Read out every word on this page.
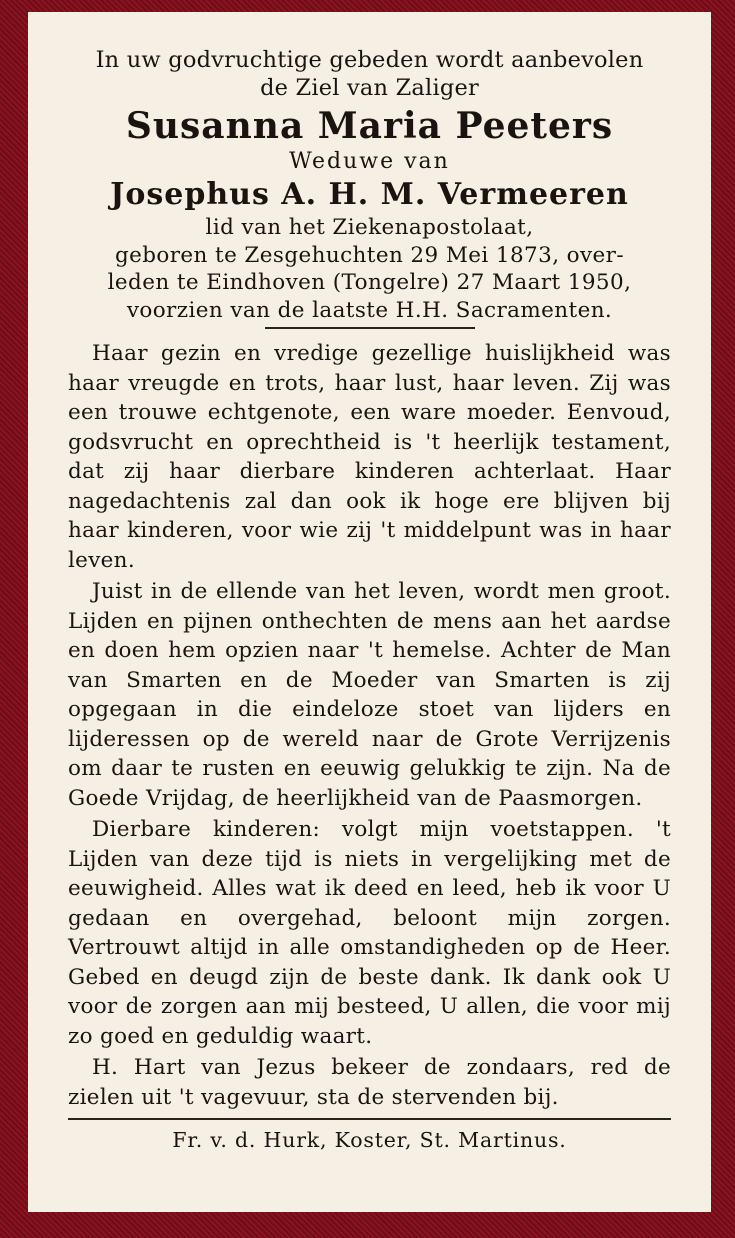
In uw godvruchtige gebeden wordt aanbevolen
de Ziel van Zaliger
Susanna Maria Peeters
Weduwe van
Josephus A. H. M. Vermeeren
lid van het Ziekenapostolaat,
geboren te Zesgehuchten 29 Mei 1873, over-
leden te Eindhoven (Tongelre) 27 Maart 1950,
voorzien van de laatste H.H. Sacramenten.

Haar gezin en vredige gezellige huislijkheid was haar vreugde en trots, haar lust, haar leven. Zij was een trouwe echtgenote, een ware moeder. Eenvoud, godsvrucht en oprechtheid is 't heerlijk testament, dat zij haar dierbare kinderen achterlaat. Haar nagedachtenis zal dan ook ik hoge ere blijven bij haar kinderen, voor wie zij 't middelpunt was in haar leven.

Juist in de ellende van het leven, wordt men groot. Lijden en pijnen onthechten de mens aan het aardse en doen hem opzien naar 't hemelse. Achter de Man van Smarten en de Moeder van Smarten is zij opgegaan in die eindeloze stoet van lijders en lijderessen op de wereld naar de Grote Verrijzenis om daar te rusten en eeuwig gelukkig te zijn. Na de Goede Vrijdag, de heerlijkheid van de Paasmorgen.

Dierbare kinderen: volgt mijn voetstappen. 't Lijden van deze tijd is niets in vergelijking met de eeuwigheid. Alles wat ik deed en leed, heb ik voor U gedaan en overgehad, beloont mijn zorgen. Vertrouwt altijd in alle omstandigheden op de Heer. Gebed en deugd zijn de beste dank. Ik dank ook U voor de zorgen aan mij besteed, U allen, die voor mij zo goed en geduldig waart.

H. Hart van Jezus bekeer de zondaars, red de zielen uit 't vagevuur, sta de stervenden bij.

Fr. v. d. Hurk, Koster, St. Martinus.
